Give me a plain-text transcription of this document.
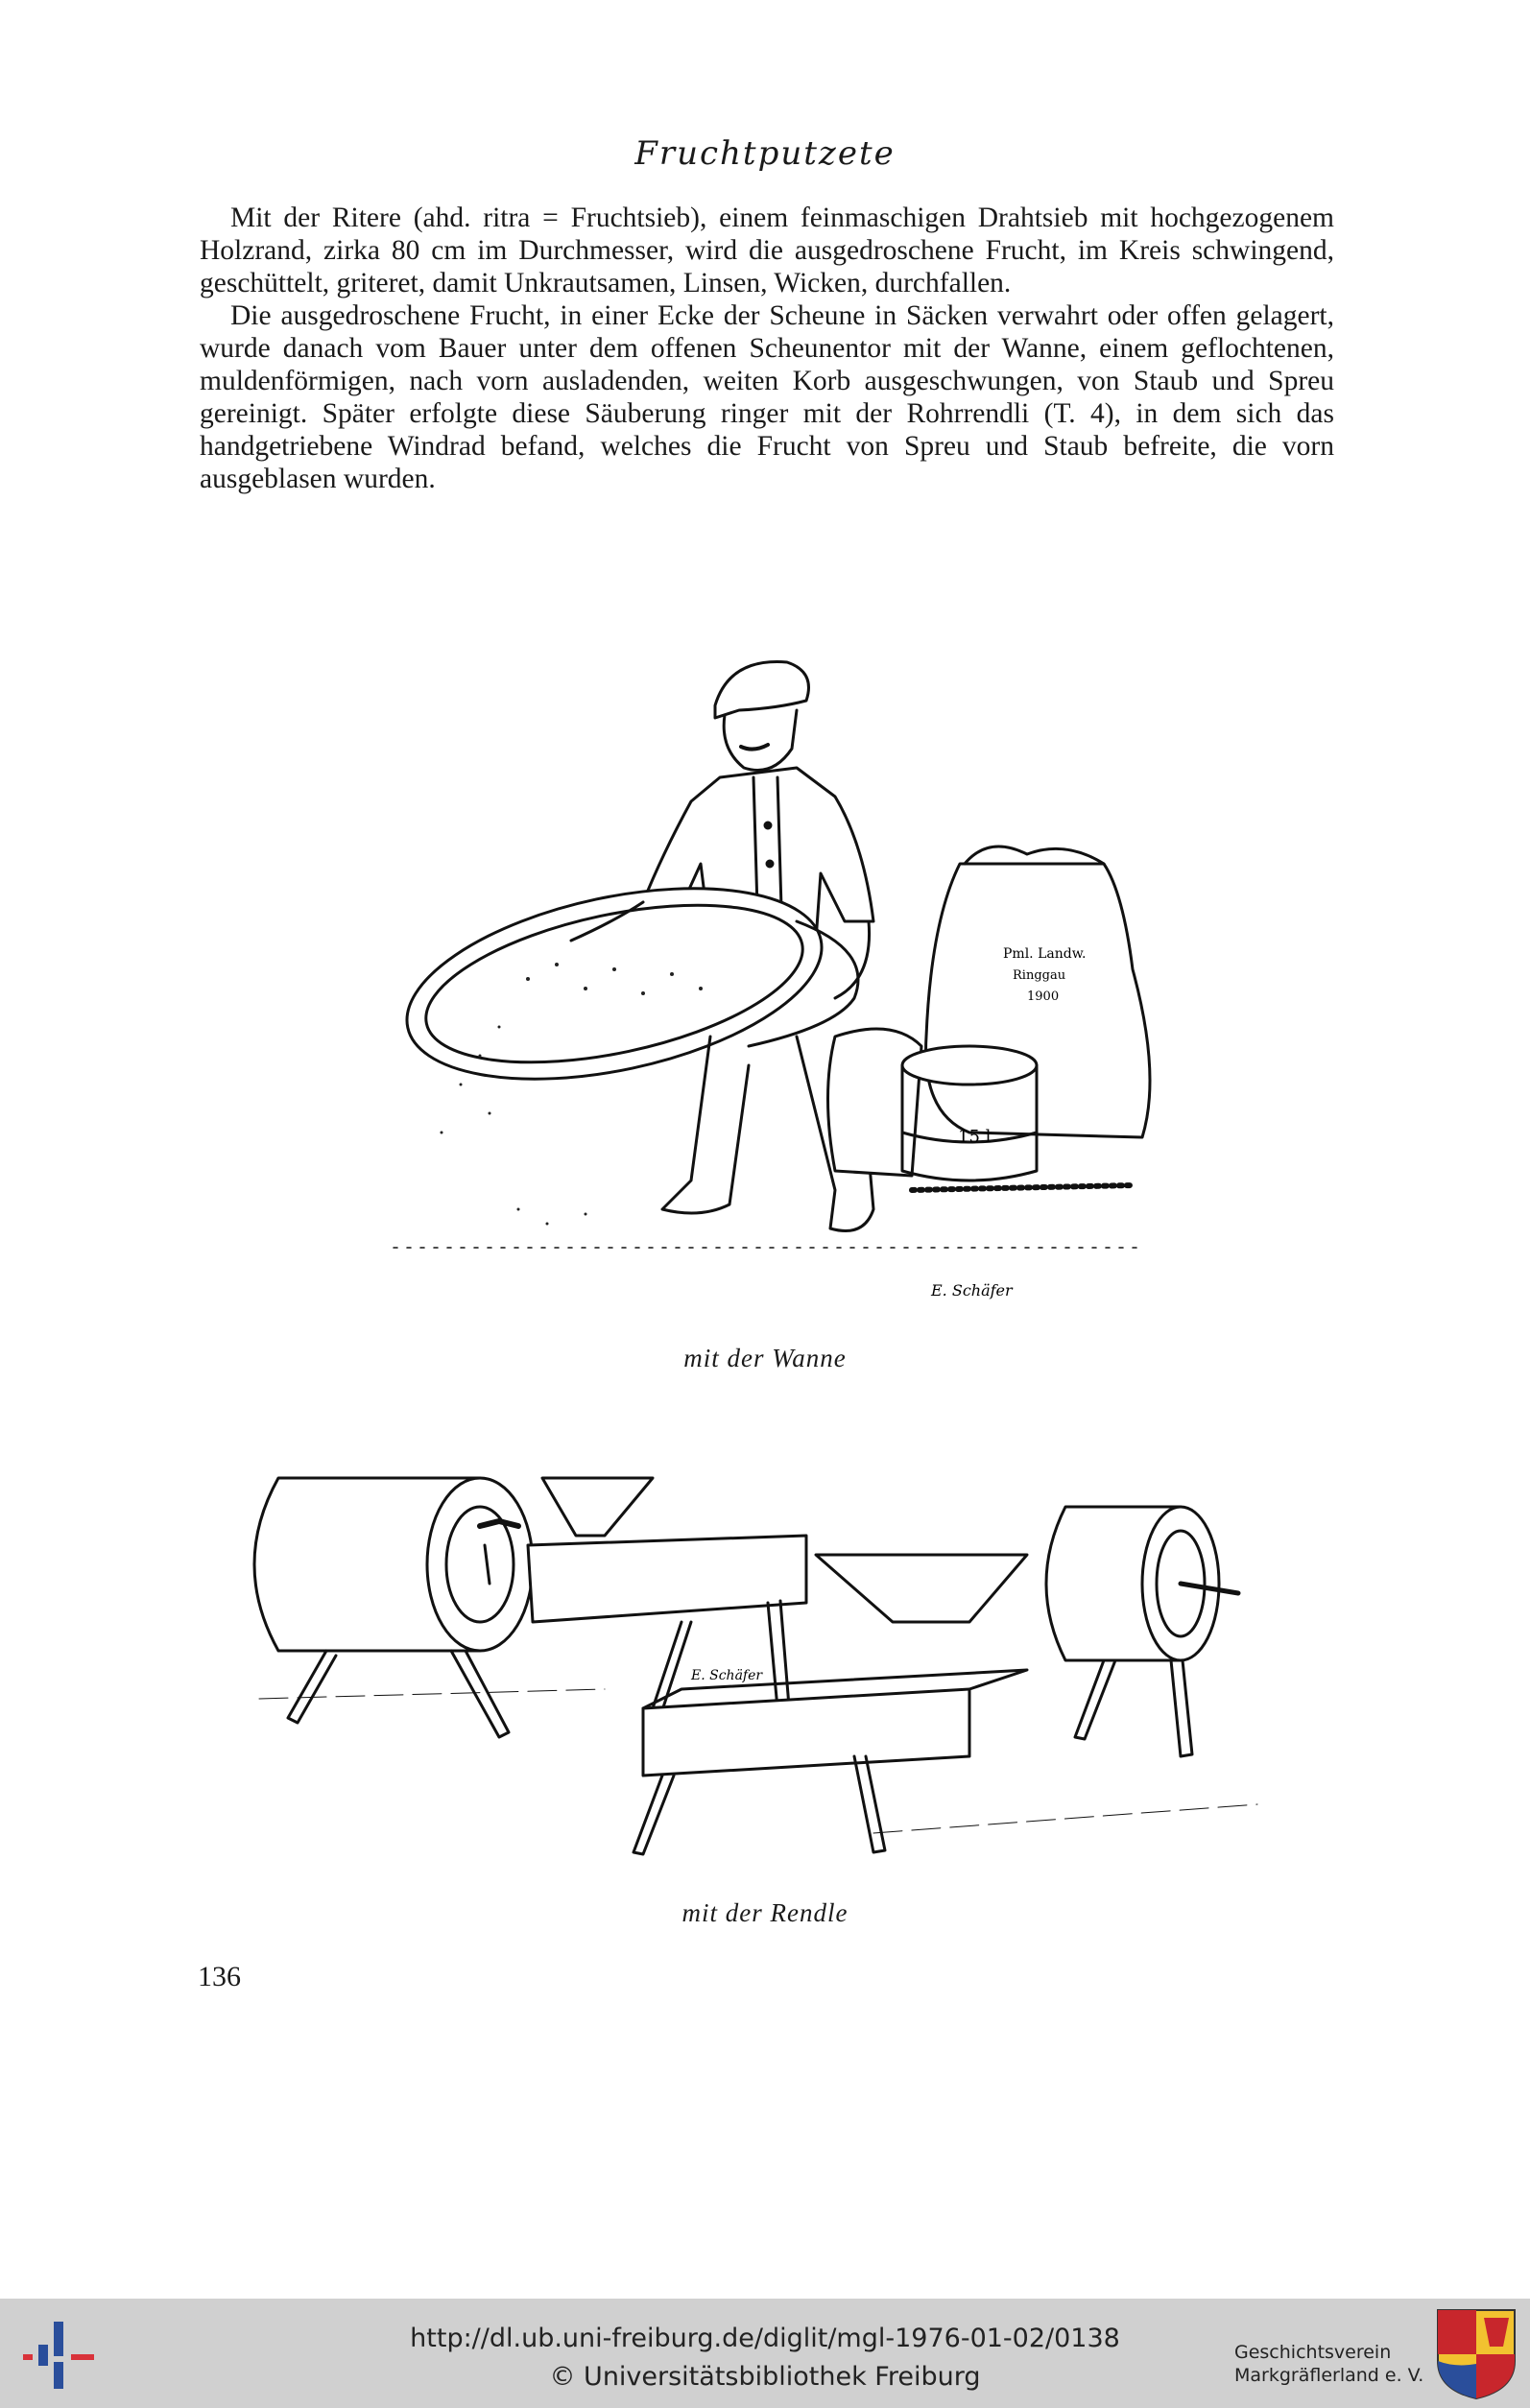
Fruchtputzete

Mit der Ritere (ahd. ritra = Fruchtsieb), einem feinmaschigen Drahtsieb mit hochgezogenem Holzrand, zirka 80 cm im Durchmesser, wird die ausgedroschene Frucht, im Kreis schwingend, geschüttelt, griteret, damit Unkrautsamen, Linsen, Wicken, durchfallen.

Die ausgedroschene Frucht, in einer Ecke der Scheune in Säcken verwahrt oder offen gelagert, wurde danach vom Bauer unter dem offenen Scheunentor mit der Wanne, einem geflochtenen, muldenförmigen, nach vorn ausladenden, weiten Korb ausgeschwungen, von Staub und Spreu gereinigt. Später erfolgte diese Säuberung ringer mit der Rohrrendli (T. 4), in dem sich das handgetriebene Windrad befand, welches die Frucht von Spreu und Staub befreite, die vorn ausgeblasen wurden.

Pml. Landw.
Ringgau
1900
15 l
E. Schäfer
mit der Wanne
E. Schäfer
mit der Rendle
136
http://dl.ub.uni-freiburg.de/diglit/mgl-1976-01-02/0138
© Universitätsbibliothek Freiburg
Geschichtsverein
Markgräflerland e. V.
